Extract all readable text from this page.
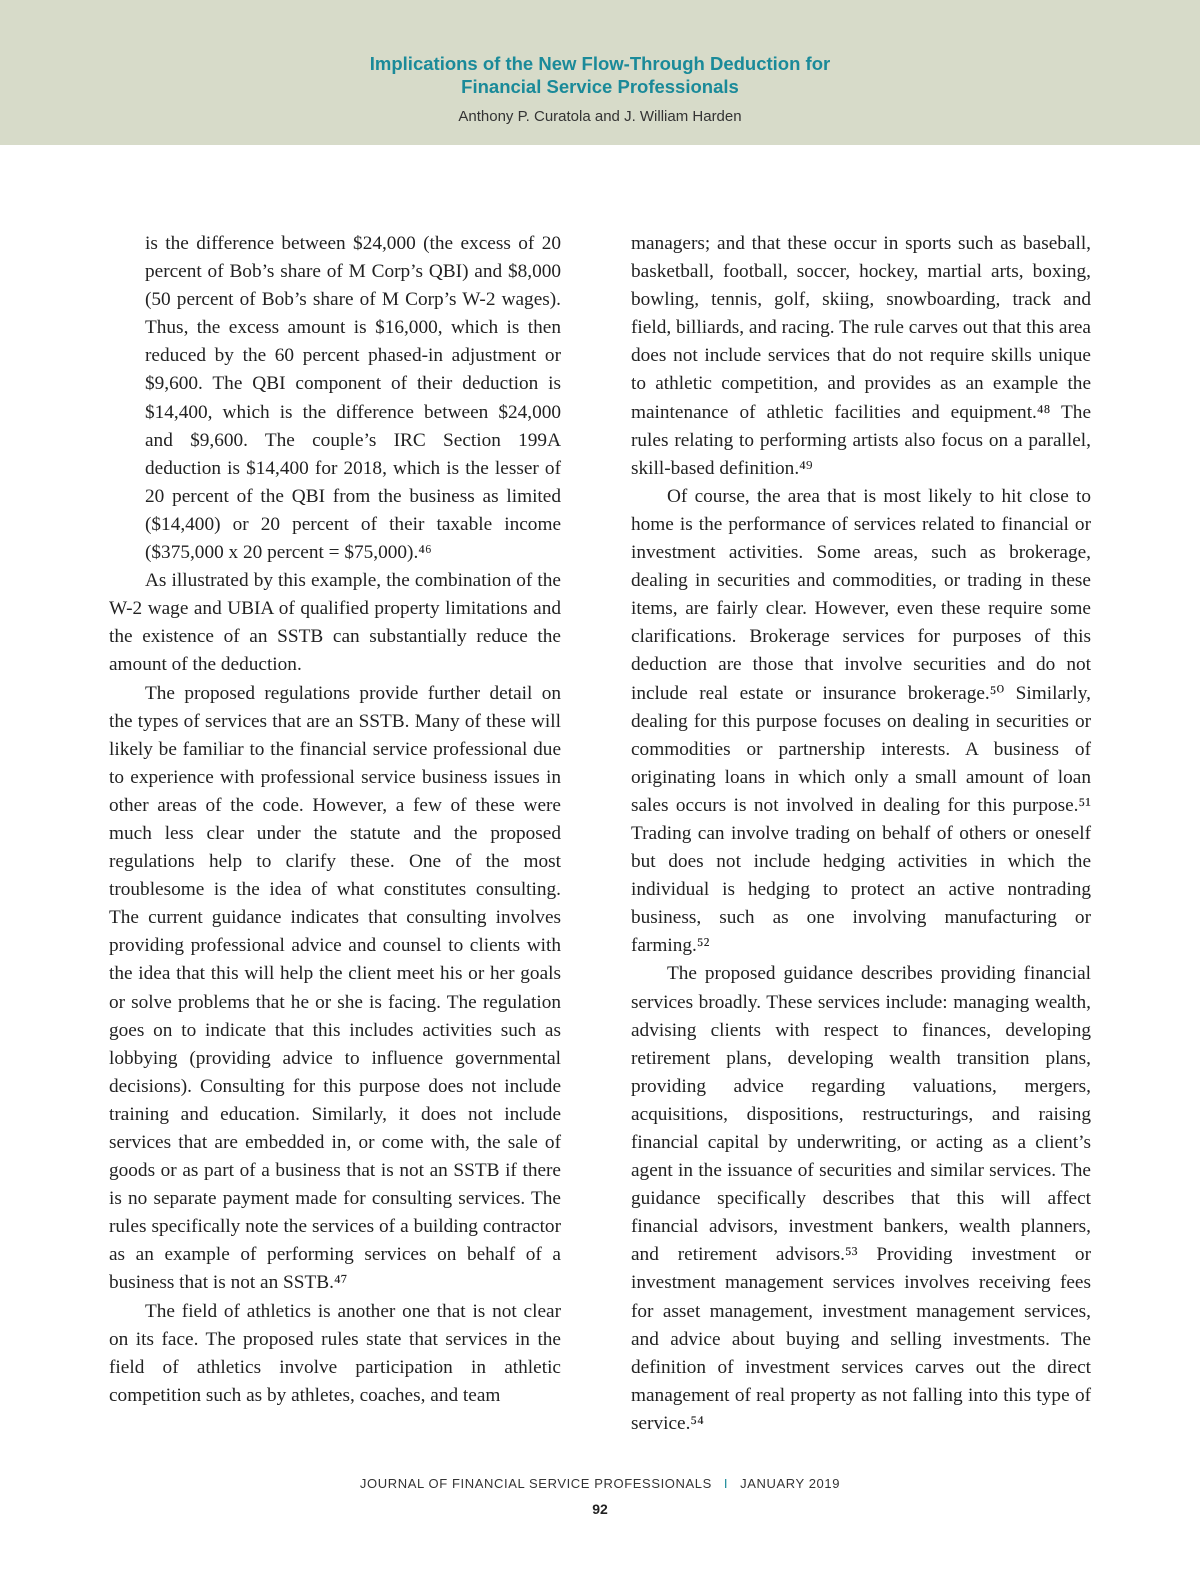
Implications of the New Flow-Through Deduction for
Financial Service Professionals
Anthony P. Curatola and J. William Harden

is the difference between $24,000 (the excess of 20 percent of Bob’s share of M Corp’s QBI) and $8,000 (50 percent of Bob’s share of M Corp’s W-2 wages). Thus, the excess amount is $16,000, which is then reduced by the 60 percent phased-in adjustment or $9,600. The QBI component of their deduction is $14,400, which is the difference between $24,000 and $9,600. The couple’s IRC Section 199A deduction is $14,400 for 2018, which is the lesser of 20 percent of the QBI from the business as limited ($14,400) or 20 percent of their taxable income ($375,000 x 20 percent = $75,000).⁴⁶

As illustrated by this example, the combination of the W-2 wage and UBIA of qualified property limitations and the existence of an SSTB can substantially reduce the amount of the deduction.

The proposed regulations provide further detail on the types of services that are an SSTB. Many of these will likely be familiar to the financial service professional due to experience with professional service business issues in other areas of the code. However, a few of these were much less clear under the statute and the proposed regulations help to clarify these. One of the most troublesome is the idea of what constitutes consulting. The current guidance indicates that consulting involves providing professional advice and counsel to clients with the idea that this will help the client meet his or her goals or solve problems that he or she is facing. The regulation goes on to indicate that this includes activities such as lobbying (providing advice to influence governmental decisions). Consulting for this purpose does not include training and education. Similarly, it does not include services that are embedded in, or come with, the sale of goods or as part of a business that is not an SSTB if there is no separate payment made for consulting services. The rules specifically note the services of a building contractor as an example of performing services on behalf of a business that is not an SSTB.⁴⁷

The field of athletics is another one that is not clear on its face. The proposed rules state that services in the field of athletics involve participation in athletic competition such as by athletes, coaches, and team

managers; and that these occur in sports such as baseball, basketball, football, soccer, hockey, martial arts, boxing, bowling, tennis, golf, skiing, snowboarding, track and field, billiards, and racing. The rule carves out that this area does not include services that do not require skills unique to athletic competition, and provides as an example the maintenance of athletic facilities and equipment.⁴⁸ The rules relating to performing artists also focus on a parallel, skill-based definition.⁴⁹

Of course, the area that is most likely to hit close to home is the performance of services related to financial or investment activities. Some areas, such as brokerage, dealing in securities and commodities, or trading in these items, are fairly clear. However, even these require some clarifications. Brokerage services for purposes of this deduction are those that involve securities and do not include real estate or insurance brokerage.⁵⁰ Similarly, dealing for this purpose focuses on dealing in securities or commodities or partnership interests. A business of originating loans in which only a small amount of loan sales occurs is not involved in dealing for this purpose.⁵¹ Trading can involve trading on behalf of others or oneself but does not include hedging activities in which the individual is hedging to protect an active nontrading business, such as one involving manufacturing or farming.⁵²

The proposed guidance describes providing financial services broadly. These services include: managing wealth, advising clients with respect to finances, developing retirement plans, developing wealth transition plans, providing advice regarding valuations, mergers, acquisitions, dispositions, restructurings, and raising financial capital by underwriting, or acting as a client’s agent in the issuance of securities and similar services. The guidance specifically describes that this will affect financial advisors, investment bankers, wealth planners, and retirement advisors.⁵³ Providing investment or investment management services involves receiving fees for asset management, investment management services, and advice about buying and selling investments. The definition of investment services carves out the direct management of real property as not falling into this type of service.⁵⁴

JOURNAL OF FINANCIAL SERVICE PROFESSIONALS I JANUARY 2019
92
